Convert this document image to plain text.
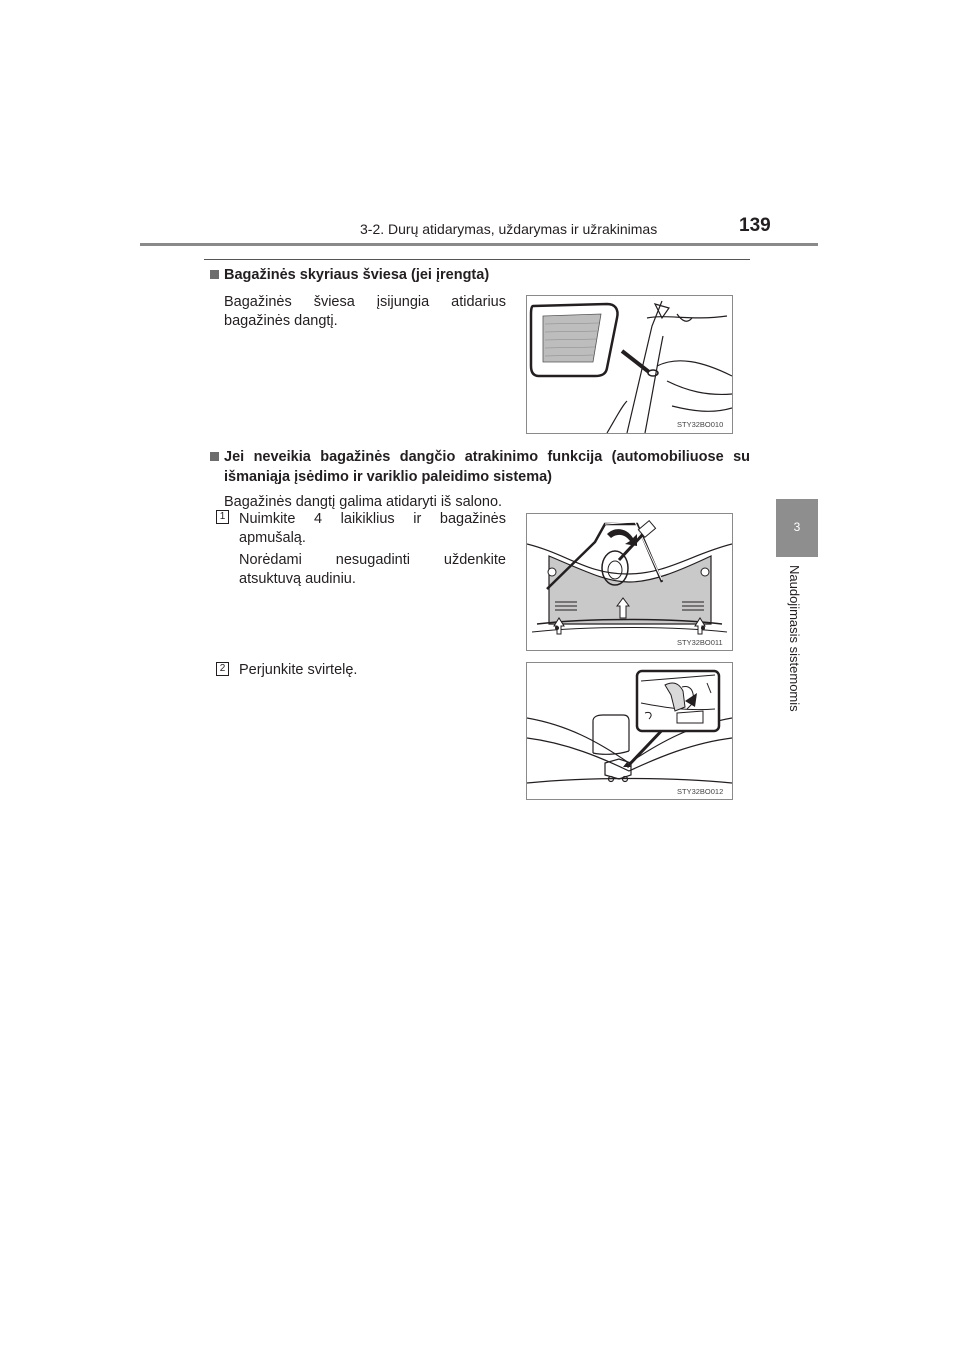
3-2. Durų atidarymas, uždarymas ir užrakinimas	139
3
Naudojimasis sistemomis
Bagažinės skyriaus šviesa (jei įrengta)
Bagažinės šviesa įsijungia atidarius
bagažinės dangtį.
STY32BO010
Jei neveikia bagažinės dangčio atrakinimo funkcija (automobiliuose su išmaniąja įsėdimo ir variklio paleidimo sistema)
Bagažinės dangtį galima atidaryti iš salono.
1 Nuimkite 4 laikiklius ir bagažinės
apmušalą.
Norėdami nesugadinti uždenkite
atsuktuvą audiniu.
STY32BO011
2 Perjunkite svirtelę.
STY32BO012
